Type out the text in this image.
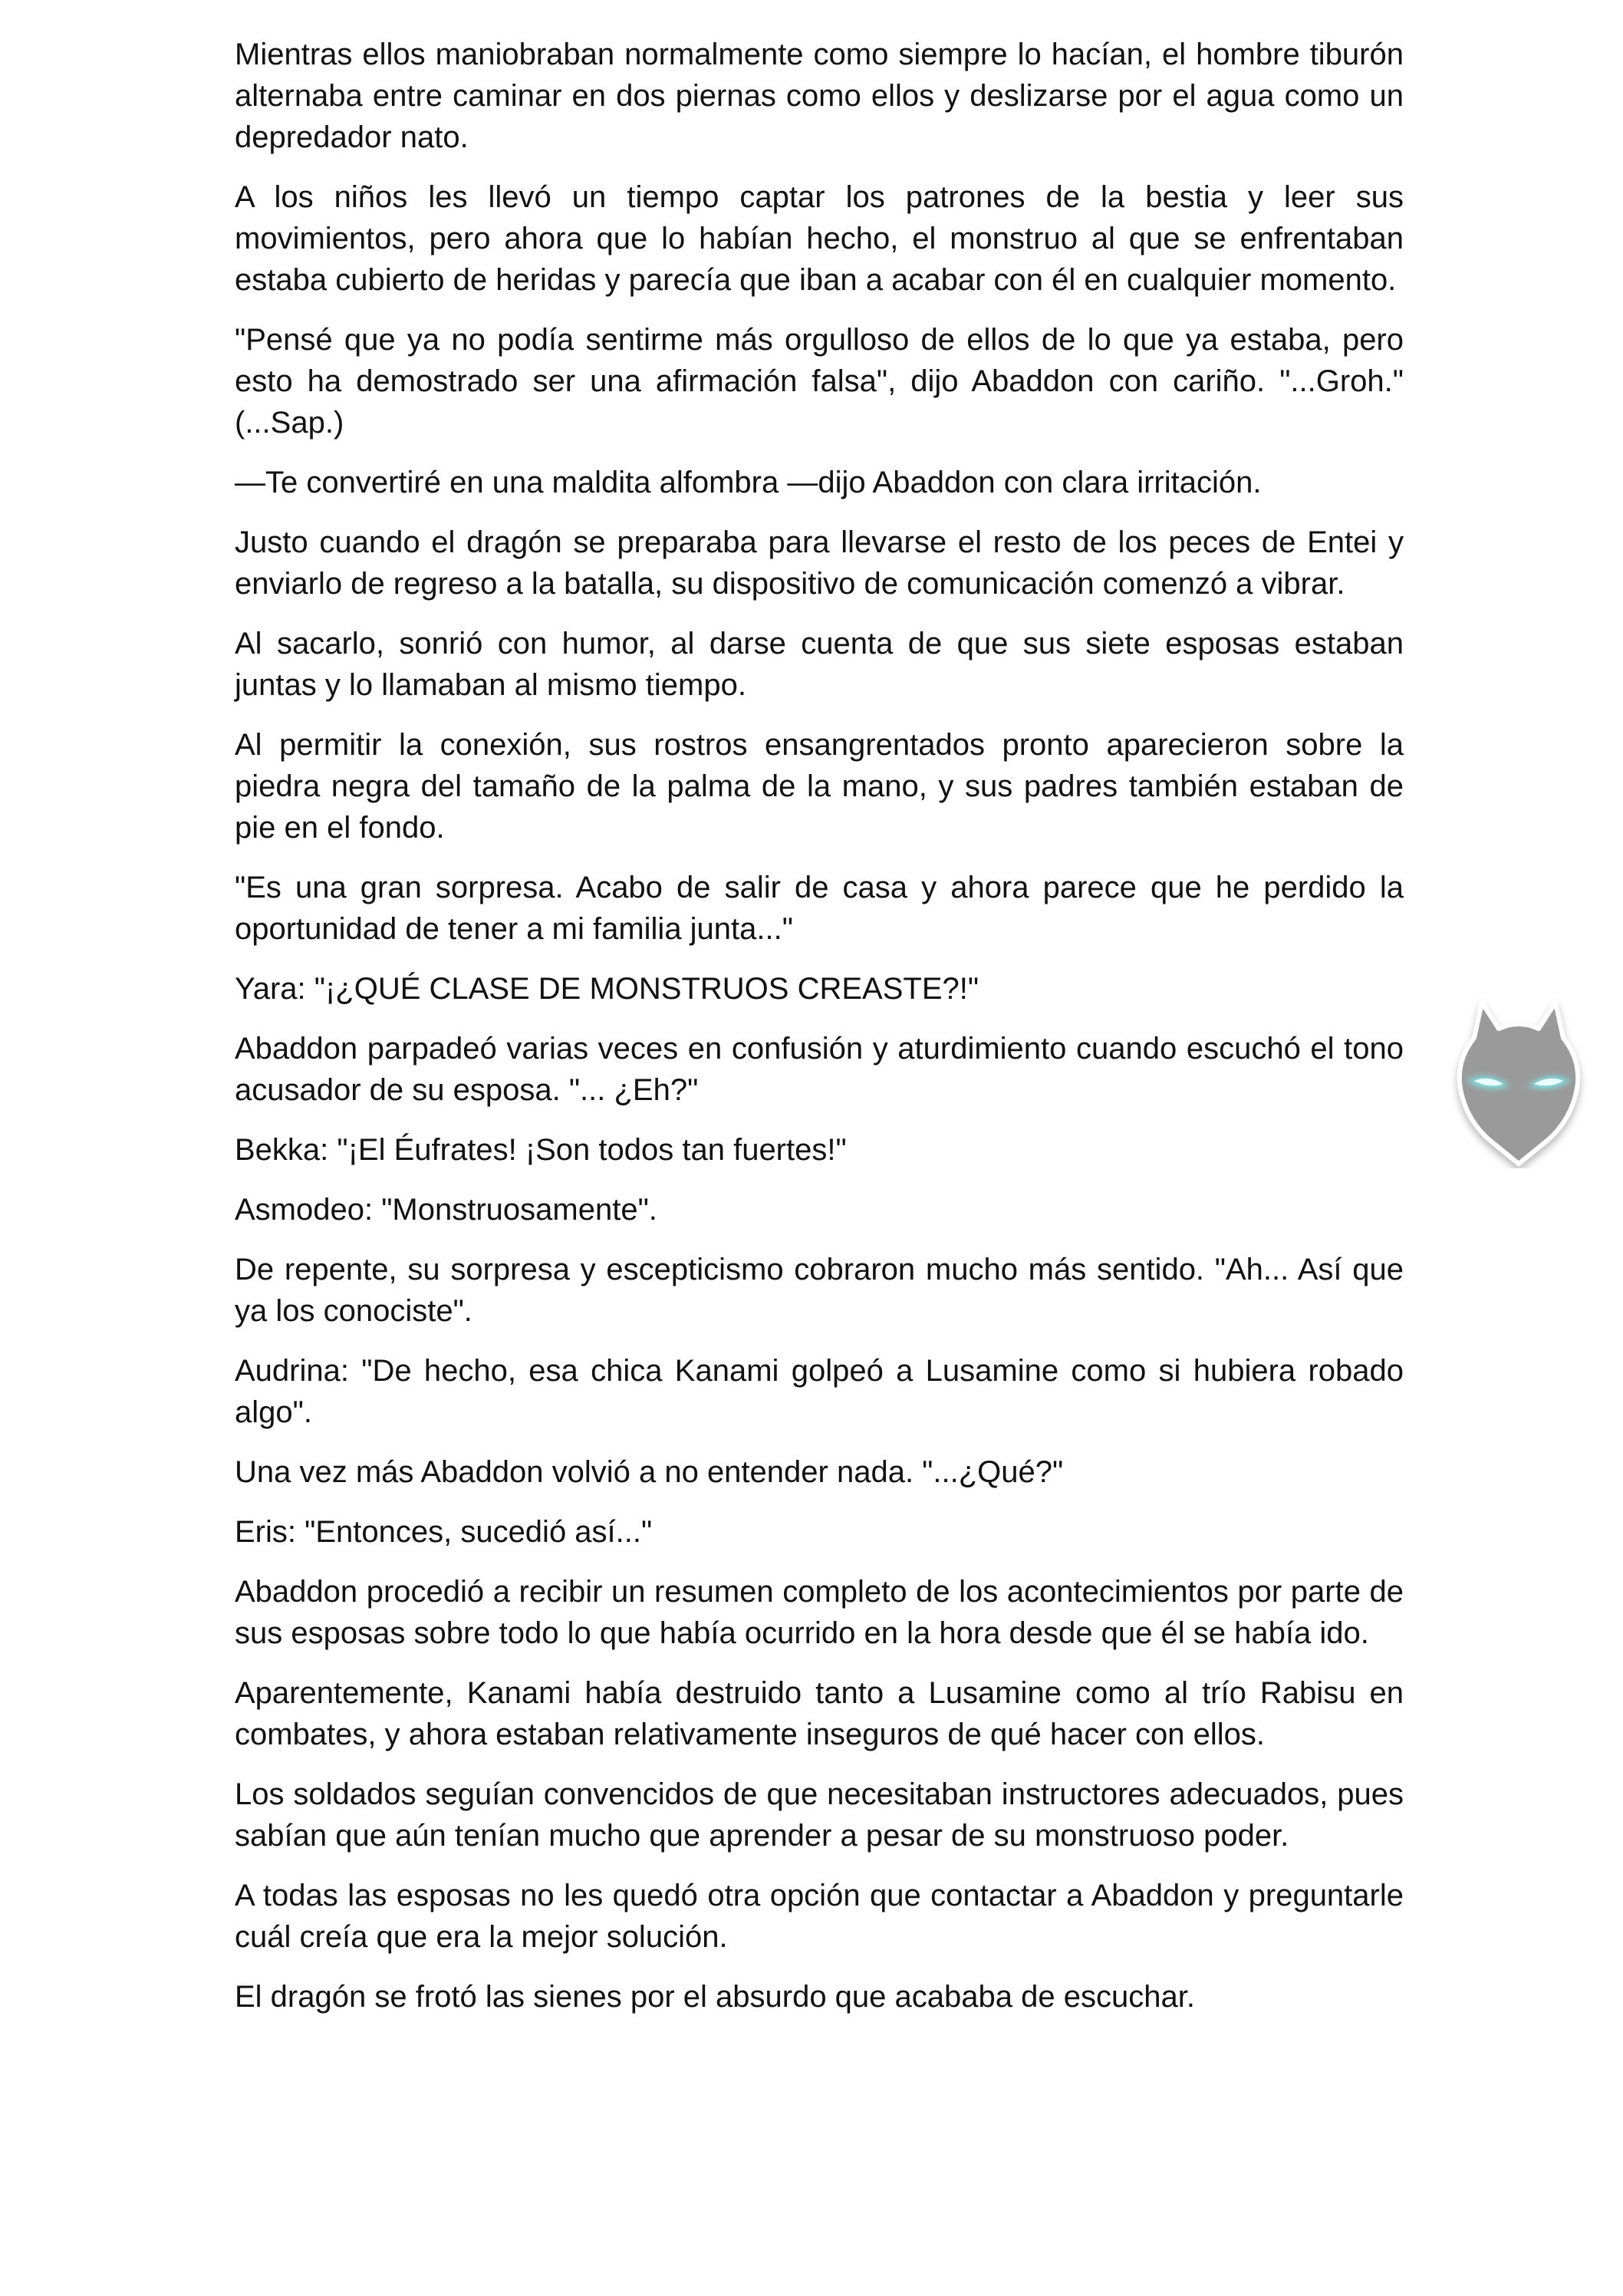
Mientras ellos maniobraban normalmente como siempre lo hacían, el hombre tiburón alternaba entre caminar en dos piernas como ellos y deslizarse por el agua como un depredador nato.

A los niños les llevó un tiempo captar los patrones de la bestia y leer sus movimientos, pero ahora que lo habían hecho, el monstruo al que se enfrentaban estaba cubierto de heridas y parecía que iban a acabar con él en cualquier momento.

"Pensé que ya no podía sentirme más orgulloso de ellos de lo que ya estaba, pero esto ha demostrado ser una afirmación falsa", dijo Abaddon con cariño. "...Groh." (...Sap.)

—Te convertiré en una maldita alfombra —dijo Abaddon con clara irritación.

Justo cuando el dragón se preparaba para llevarse el resto de los peces de Entei y enviarlo de regreso a la batalla, su dispositivo de comunicación comenzó a vibrar.

Al sacarlo, sonrió con humor, al darse cuenta de que sus siete esposas estaban juntas y lo llamaban al mismo tiempo.

Al permitir la conexión, sus rostros ensangrentados pronto aparecieron sobre la piedra negra del tamaño de la palma de la mano, y sus padres también estaban de pie en el fondo.

"Es una gran sorpresa. Acabo de salir de casa y ahora parece que he perdido la oportunidad de tener a mi familia junta..."

Yara: "¡¿QUÉ CLASE DE MONSTRUOS CREASTE?!"

Abaddon parpadeó varias veces en confusión y aturdimiento cuando escuchó el tono acusador de su esposa. "... ¿Eh?"

Bekka: "¡El Éufrates! ¡Son todos tan fuertes!"

Asmodeo: "Monstruosamente".

De repente, su sorpresa y escepticismo cobraron mucho más sentido. "Ah... Así que ya los conociste".

Audrina: "De hecho, esa chica Kanami golpeó a Lusamine como si hubiera robado algo".

Una vez más Abaddon volvió a no entender nada. "...¿Qué?"

Eris: "Entonces, sucedió así..."

Abaddon procedió a recibir un resumen completo de los acontecimientos por parte de sus esposas sobre todo lo que había ocurrido en la hora desde que él se había ido.

Aparentemente, Kanami había destruido tanto a Lusamine como al trío Rabisu en combates, y ahora estaban relativamente inseguros de qué hacer con ellos.

Los soldados seguían convencidos de que necesitaban instructores adecuados, pues sabían que aún tenían mucho que aprender a pesar de su monstruoso poder.

A todas las esposas no les quedó otra opción que contactar a Abaddon y preguntarle cuál creía que era la mejor solución.

El dragón se frotó las sienes por el absurdo que acababa de escuchar.
